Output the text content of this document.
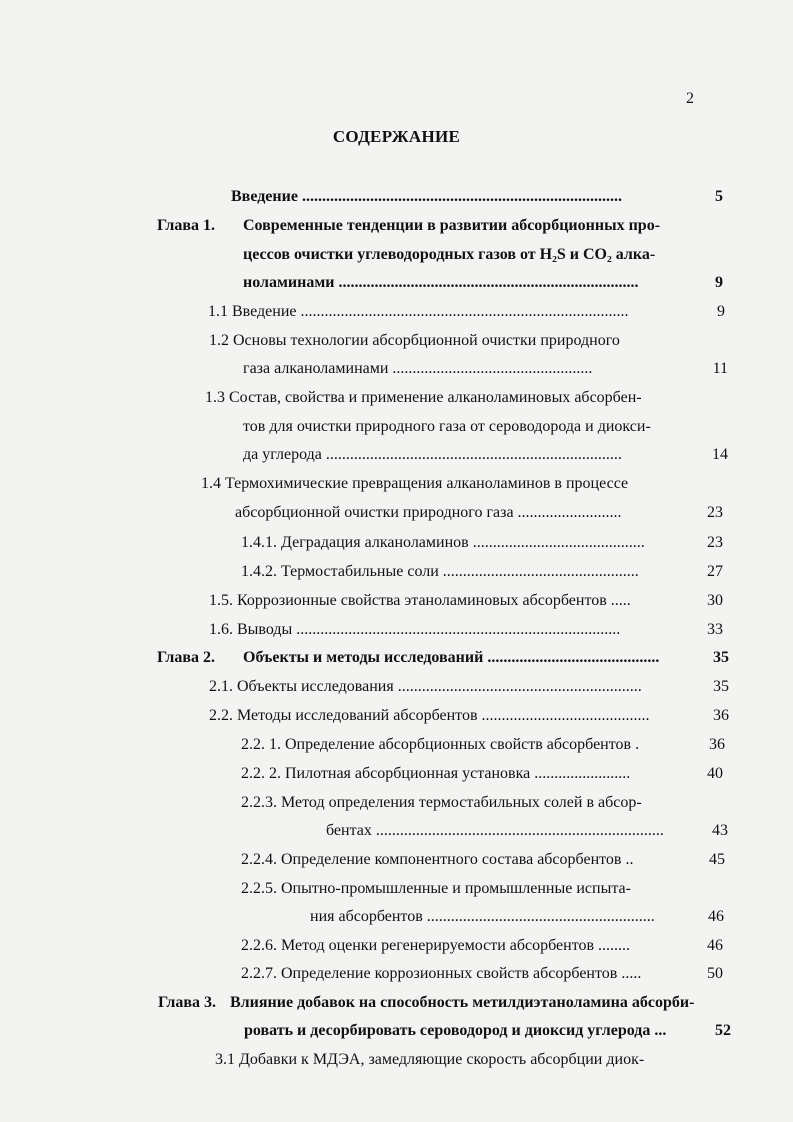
2
СОДЕРЖАНИЕ
Введение ................................................................................	5
Глава 1. Современные тенденции в развитии абсорбционных про-
цессов очистки углеводородных газов от H₂S и CO₂ алка-
ноламинами ...........................................................................	9
1.1 Введение ..................................................................................	9
1.2 Основы технологии абсорбционной очистки природного
газа алканоламинами ..................................................	11
1.3 Состав, свойства и применение алканоламиновых абсорбен-
тов для очистки природного газа от сероводорода и диокси-
да углерода ..........................................................................	14
1.4 Термохимические превращения алканоламинов в процессе
абсорбционной очистки природного газа ..........................	23
1.4.1. Деградация алканоламинов ...........................................	23
1.4.2. Термостабильные соли .................................................	27
1.5. Коррозионные свойства этаноламиновых абсорбентов .....	30
1.6. Выводы .................................................................................	33
Глава 2. Объекты и методы исследований ...........................................	35
2.1. Объекты исследования .............................................................	35
2.2. Методы исследований абсорбентов ..........................................	36
2.2. 1. Определение абсорбционных свойств абсорбентов .	36
2.2. 2. Пилотная абсорбционная установка ........................	40
2.2.3. Метод определения термостабильных солей в абсор-
бентах ........................................................................	43
2.2.4. Определение компонентного состава абсорбентов ..	45
2.2.5. Опытно-промышленные и промышленные испыта-
ния абсорбентов .........................................................	46
2.2.6. Метод оценки регенерируемости абсорбентов ........	46
2.2.7. Определение коррозионных свойств абсорбентов .....	50
Глава 3. Влияние добавок на способность метилдиэтаноламина абсорби-
ровать и десорбировать сероводород и диоксид углерода ...	52
3.1 Добавки к МДЭА, замедляющие скорость абсорбции диок-
